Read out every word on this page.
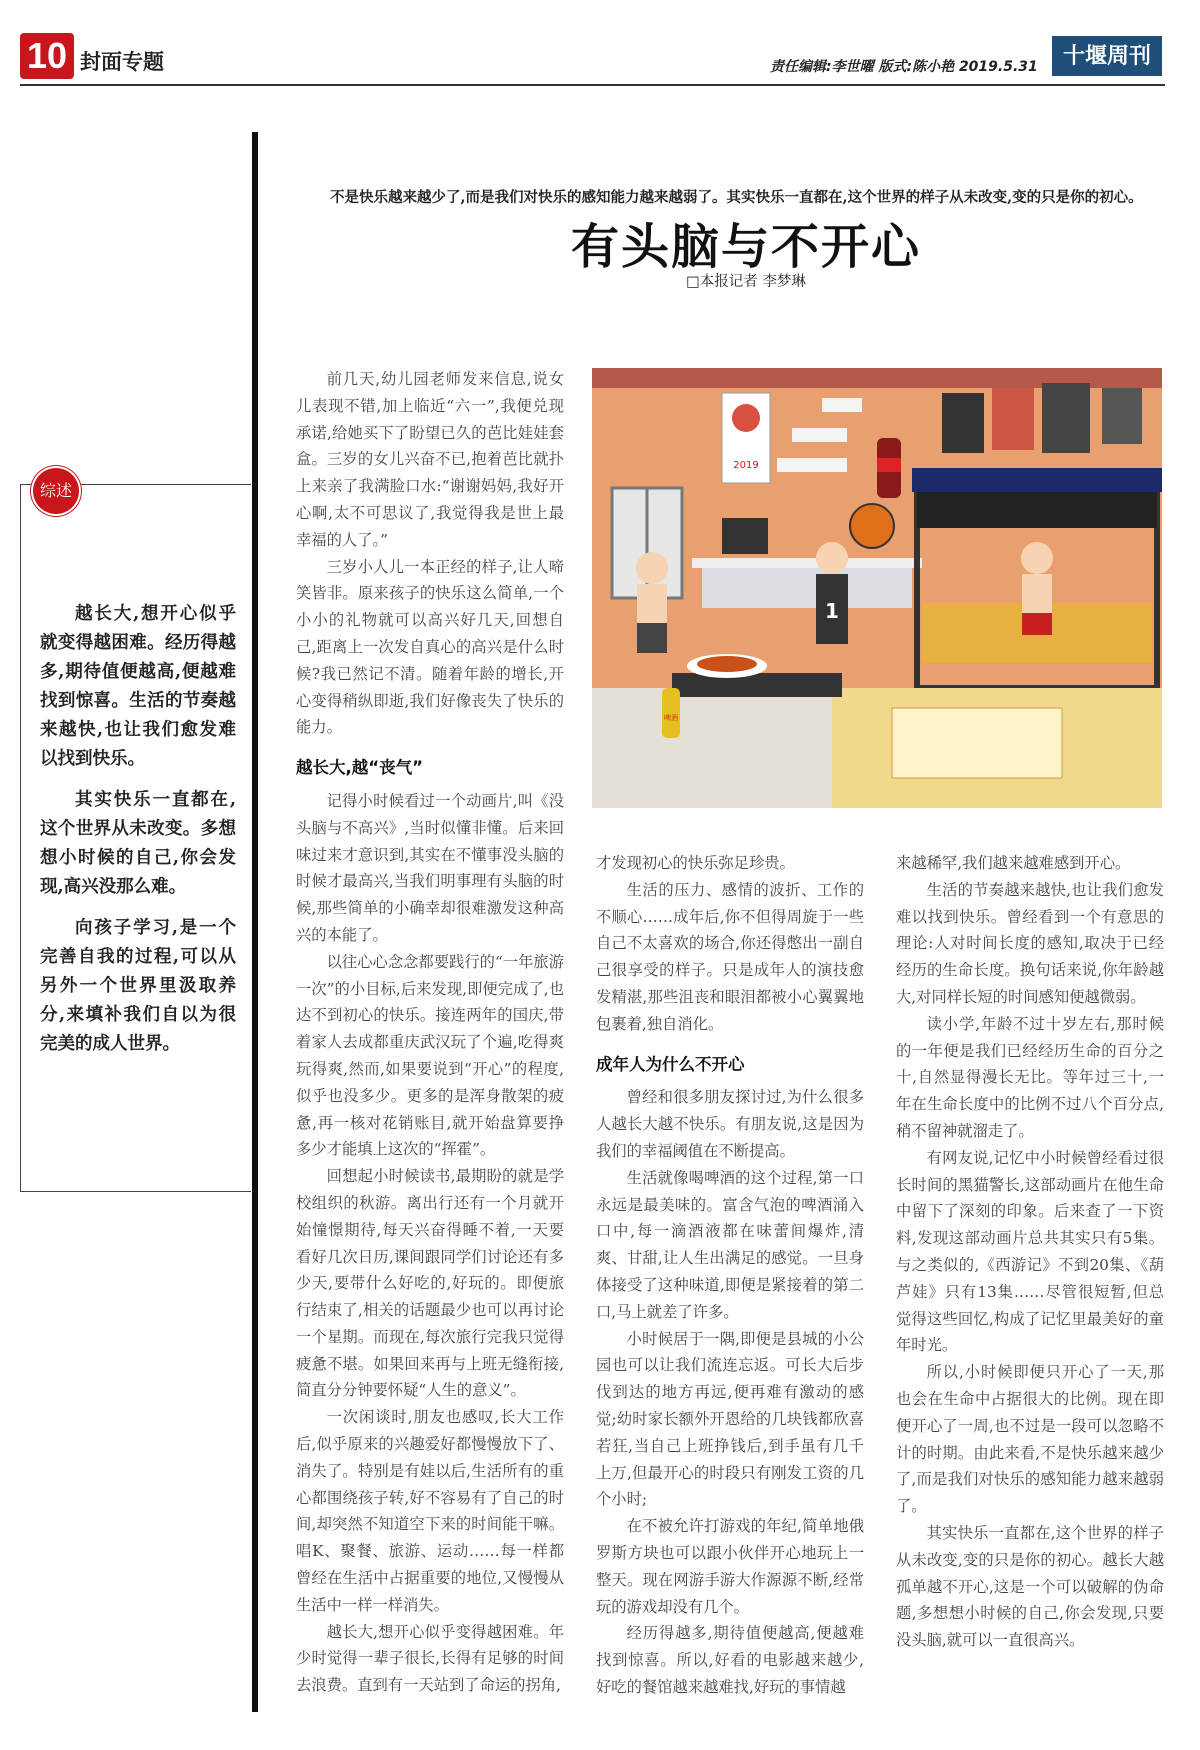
10 封面专题	责任编辑:李世曜 版式:陈小艳 2019.5.31	十堰周刊
综述

越长大,想开心似乎就变得越困难。经历得越多,期待值便越高,便越难找到惊喜。生活的节奏越来越快,也让我们愈发难以找到快乐。

其实快乐一直都在,这个世界从未改变。多想想小时候的自己,你会发现,高兴没那么难。

向孩子学习,是一个完善自我的过程,可以从另外一个世界里汲取养分,来填补我们自以为很完美的成人世界。

不是快乐越来越少了,而是我们对快乐的感知能力越来越弱了。其实快乐一直都在,这个世界的样子从未改变,变的只是你的初心。
有头脑与不开心
□本报记者 李梦琳
2019
1
啤酒

前几天,幼儿园老师发来信息,说女儿表现不错,加上临近“六一”,我便兑现承诺,给她买下了盼望已久的芭比娃娃套盒。三岁的女儿兴奋不已,抱着芭比就扑上来亲了我满脸口水:“谢谢妈妈,我好开心啊,太不可思议了,我觉得我是世上最幸福的人了。”

三岁小人儿一本正经的样子,让人啼笑皆非。原来孩子的快乐这么简单,一个小小的礼物就可以高兴好几天,回想自己,距离上一次发自真心的高兴是什么时候?我已然记不清。随着年龄的增长,开心变得稍纵即逝,我们好像丧失了快乐的能力。

越长大,越“丧气”

记得小时候看过一个动画片,叫《没头脑与不高兴》,当时似懂非懂。后来回味过来才意识到,其实在不懂事没头脑的时候才最高兴,当我们明事理有头脑的时候,那些简单的小确幸却很难激发这种高兴的本能了。

以往心心念念都要践行的“一年旅游一次”的小目标,后来发现,即便完成了,也达不到初心的快乐。接连两年的国庆,带着家人去成都重庆武汉玩了个遍,吃得爽玩得爽,然而,如果要说到“开心”的程度,似乎也没多少。更多的是浑身散架的疲惫,再一核对花销账目,就开始盘算要挣多少才能填上这次的“挥霍”。

回想起小时候读书,最期盼的就是学校组织的秋游。离出行还有一个月就开始憧憬期待,每天兴奋得睡不着,一天要看好几次日历,课间跟同学们讨论还有多少天,要带什么好吃的,好玩的。即便旅行结束了,相关的话题最少也可以再讨论一个星期。而现在,每次旅行完我只觉得疲惫不堪。如果回来再与上班无缝衔接,简直分分钟要怀疑“人生的意义”。

一次闲谈时,朋友也感叹,长大工作后,似乎原来的兴趣爱好都慢慢放下了、消失了。特别是有娃以后,生活所有的重心都围绕孩子转,好不容易有了自己的时间,却突然不知道空下来的时间能干嘛。唱K、聚餐、旅游、运动……每一样都曾经在生活中占据重要的地位,又慢慢从生活中一样一样消失。

越长大,想开心似乎变得越困难。年少时觉得一辈子很长,长得有足够的时间去浪费。直到有一天站到了命运的拐角,

才发现初心的快乐弥足珍贵。

生活的压力、感情的波折、工作的不顺心……成年后,你不但得周旋于一些自己不太喜欢的场合,你还得憋出一副自己很享受的样子。只是成年人的演技愈发精湛,那些沮丧和眼泪都被小心翼翼地包裹着,独自消化。

成年人为什么不开心

曾经和很多朋友探讨过,为什么很多人越长大越不快乐。有朋友说,这是因为我们的幸福阈值在不断提高。

生活就像喝啤酒的这个过程,第一口永远是最美味的。富含气泡的啤酒涌入口中,每一滴酒液都在味蕾间爆炸,清爽、甘甜,让人生出满足的感觉。一旦身体接受了这种味道,即便是紧接着的第二口,马上就差了许多。

小时候居于一隅,即便是县城的小公园也可以让我们流连忘返。可长大后步伐到达的地方再远,便再难有激动的感觉;幼时家长额外开恩给的几块钱都欣喜若狂,当自己上班挣钱后,到手虽有几千上万,但最开心的时段只有刚发工资的几个小时;

在不被允许打游戏的年纪,简单地俄罗斯方块也可以跟小伙伴开心地玩上一整天。现在网游手游大作源源不断,经常玩的游戏却没有几个。

经历得越多,期待值便越高,便越难找到惊喜。所以,好看的电影越来越少,好吃的餐馆越来越难找,好玩的事情越

来越稀罕,我们越来越难感到开心。

生活的节奏越来越快,也让我们愈发难以找到快乐。曾经看到一个有意思的理论:人对时间长度的感知,取决于已经经历的生命长度。换句话来说,你年龄越大,对同样长短的时间感知便越微弱。

读小学,年龄不过十岁左右,那时候的一年便是我们已经经历生命的百分之十,自然显得漫长无比。等年过三十,一年在生命长度中的比例不过八个百分点,稍不留神就溜走了。

有网友说,记忆中小时候曾经看过很长时间的黑猫警长,这部动画片在他生命中留下了深刻的印象。后来查了一下资料,发现这部动画片总共其实只有5集。与之类似的,《西游记》不到20集、《葫芦娃》只有13集……尽管很短暂,但总觉得这些回忆,构成了记忆里最美好的童年时光。

所以,小时候即便只开心了一天,那也会在生命中占据很大的比例。现在即便开心了一周,也不过是一段可以忽略不计的时期。由此来看,不是快乐越来越少了,而是我们对快乐的感知能力越来越弱了。

其实快乐一直都在,这个世界的样子从未改变,变的只是你的初心。越长大越孤单越不开心,这是一个可以破解的伪命题,多想想小时候的自己,你会发现,只要没头脑,就可以一直很高兴。
